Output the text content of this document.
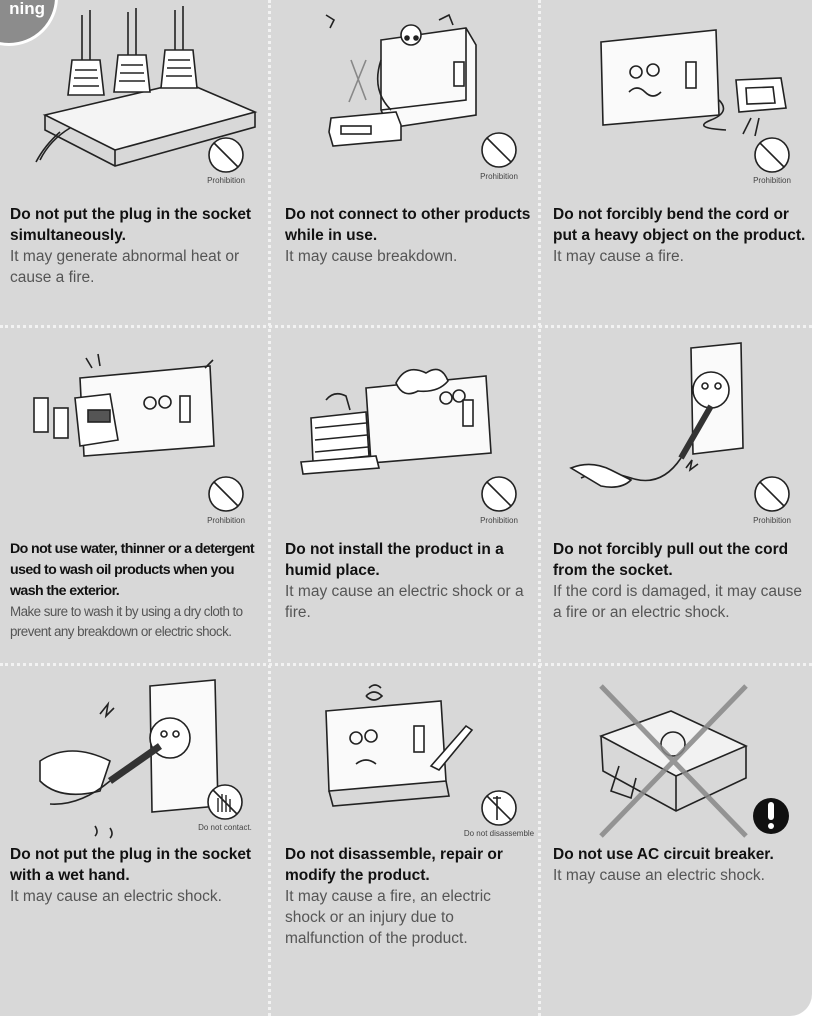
ning
Prohibition
Do not put the plug in the socket simultaneously.
It may generate abnormal heat or cause a fire.
Prohibition
Do not connect to other products while in use.
It may cause breakdown.
Prohibition
Do not forcibly bend the cord or put a heavy object on the product.
It may cause a fire.
Prohibition
Do not use water, thinner or a detergent used to wash oil products when you wash the exterior.
Make sure to wash it by using a dry cloth to prevent any breakdown or electric shock.
Prohibition
Do not install the product in a humid place.
It may cause an electric shock or a fire.
Prohibition
Do not forcibly pull out the cord from the socket.
If the cord is damaged, it may cause a fire or an electric shock.
Do not contact.
Do not put the plug in the socket with a wet hand.
It may cause an electric shock.
Do not disassemble
Do not disassemble, repair or modify the product.
It may cause a fire, an electric shock or an injury due to malfunction of the product.
Do not use AC circuit breaker.
It may cause an electric shock.
